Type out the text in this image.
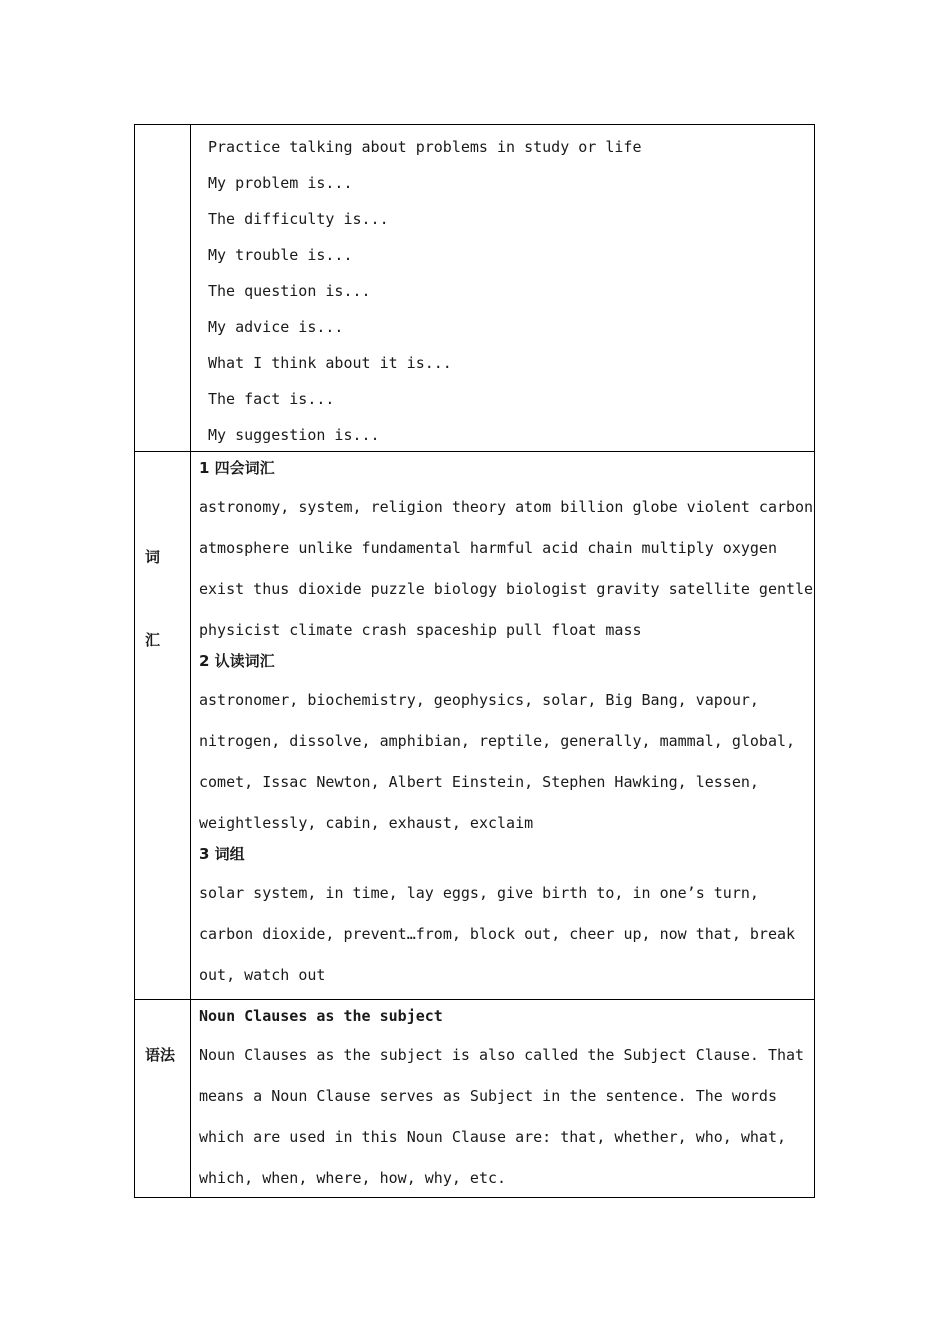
Practice talking about problems in study or life
My problem is...
The difficulty is...
My trouble is...
The question is...
My advice is...
What I think about it is...
The fact is...
My suggestion is...
词
汇
1 四会词汇
astronomy, system, religion theory atom billion globe violent carbon atmosphere unlike fundamental harmful acid chain multiply oxygen exist thus dioxide puzzle biology biologist gravity satellite gentle physicist climate crash spaceship pull float mass
2 认读词汇
astronomer, biochemistry, geophysics, solar, Big Bang, vapour, nitrogen, dissolve, amphibian, reptile, generally, mammal, global, comet, Issac Newton, Albert Einstein, Stephen Hawking, lessen, weightlessly, cabin, exhaust, exclaim
3 词组
solar system, in time, lay eggs, give birth to, in one’s turn, carbon dioxide, prevent…from, block out, cheer up, now that, break out, watch out
语法
Noun Clauses as the subject
Noun Clauses as the subject is also called the Subject Clause. That means a Noun Clause serves as Subject in the sentence. The words which are used in this Noun Clause are: that, whether, who, what, which, when, where, how, why, etc.
